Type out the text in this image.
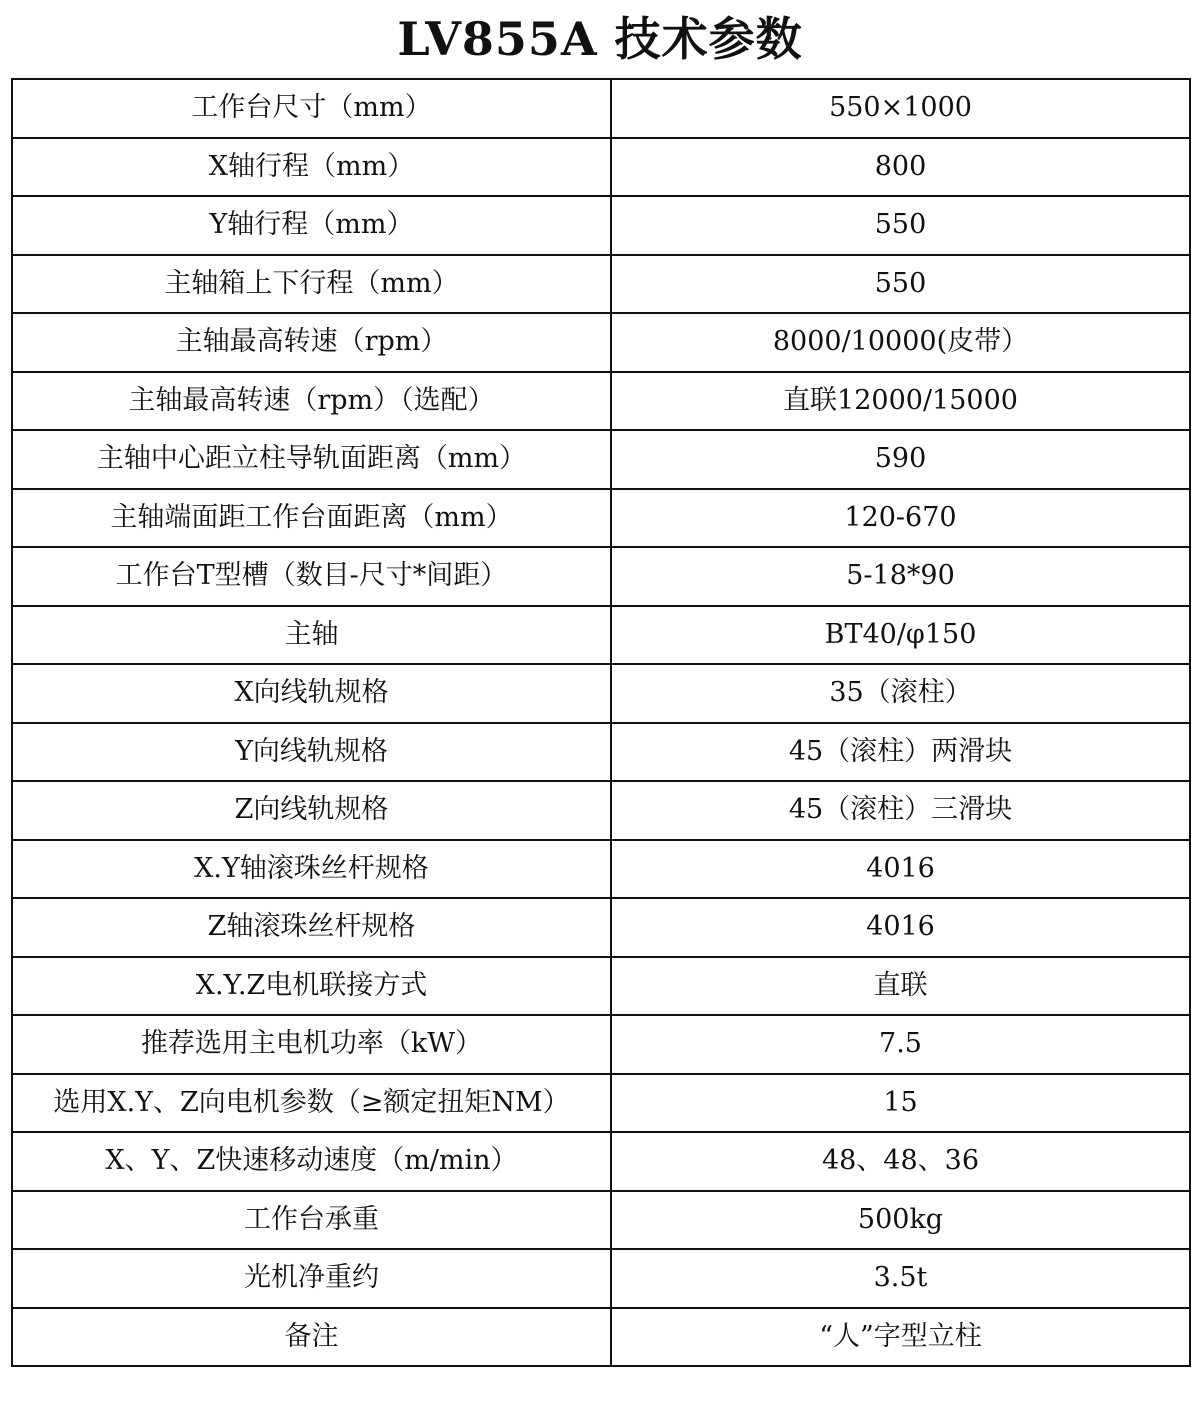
LV855A 技术参数
工作台尺寸（mm）	550×1000
X轴行程（mm）	800
Y轴行程（mm）	550
主轴箱上下行程（mm）	550
主轴最高转速（rpm）	8000/10000(皮带）
主轴最高转速（rpm）（选配）	直联12000/15000
主轴中心距立柱导轨面距离（mm）	590
主轴端面距工作台面距离（mm）	120-670
工作台T型槽（数目-尺寸*间距）	5-18*90
主轴	BT40/φ150
X向线轨规格	35（滚柱）
Y向线轨规格	45（滚柱）两滑块
Z向线轨规格	45（滚柱）三滑块
X.Y轴滚珠丝杆规格	4016
Z轴滚珠丝杆规格	4016
X.Y.Z电机联接方式	直联
推荐选用主电机功率（kW）	7.5
选用X.Y、Z向电机参数（≥额定扭矩NM）	15
X、Y、Z快速移动速度（m/min）	48、48、36
工作台承重	500kg
光机净重约	3.5t
备注	“人”字型立柱
